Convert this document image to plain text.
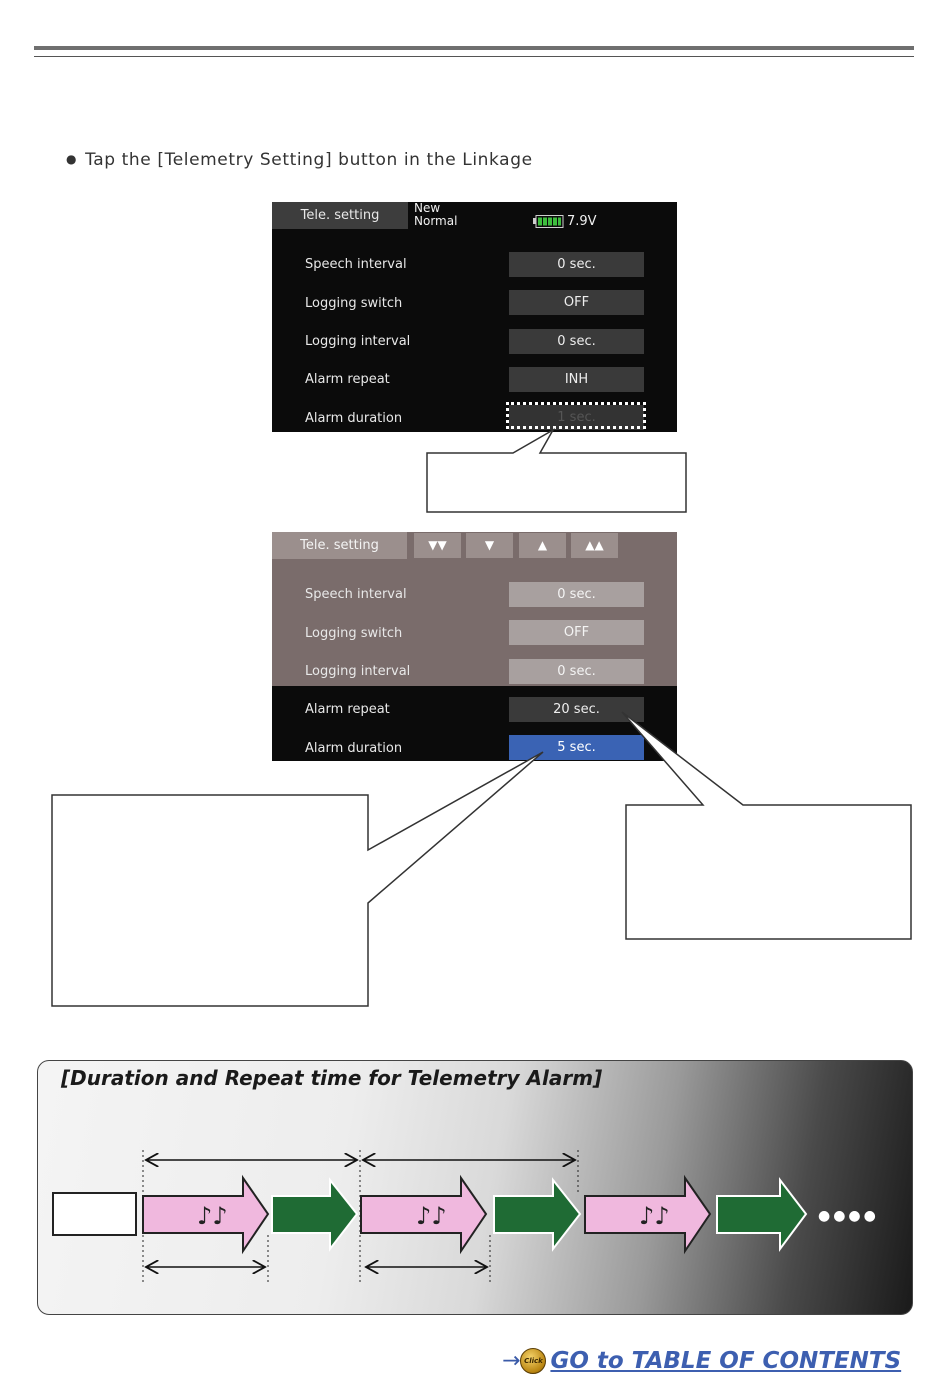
● Tap the [Telemetry Setting] button in the Linkage
Tele. setting	New
Normal	7.9V
Speech interval	0 sec.
Logging switch	OFF
Logging interval	0 sec.
Alarm repeat	INH
Alarm duration	1 sec.
Tele. setting	▼▼	▼	▲	▲▲
Speech interval	0 sec.
Logging switch	OFF
Logging interval	0 sec.
Alarm repeat	20 sec.
Alarm duration	5 sec.
[Duration and Repeat time for Telemetry Alarm]
♪♪	♪♪	♪♪	●●●●
→ Click GO to TABLE OF CONTENTS
